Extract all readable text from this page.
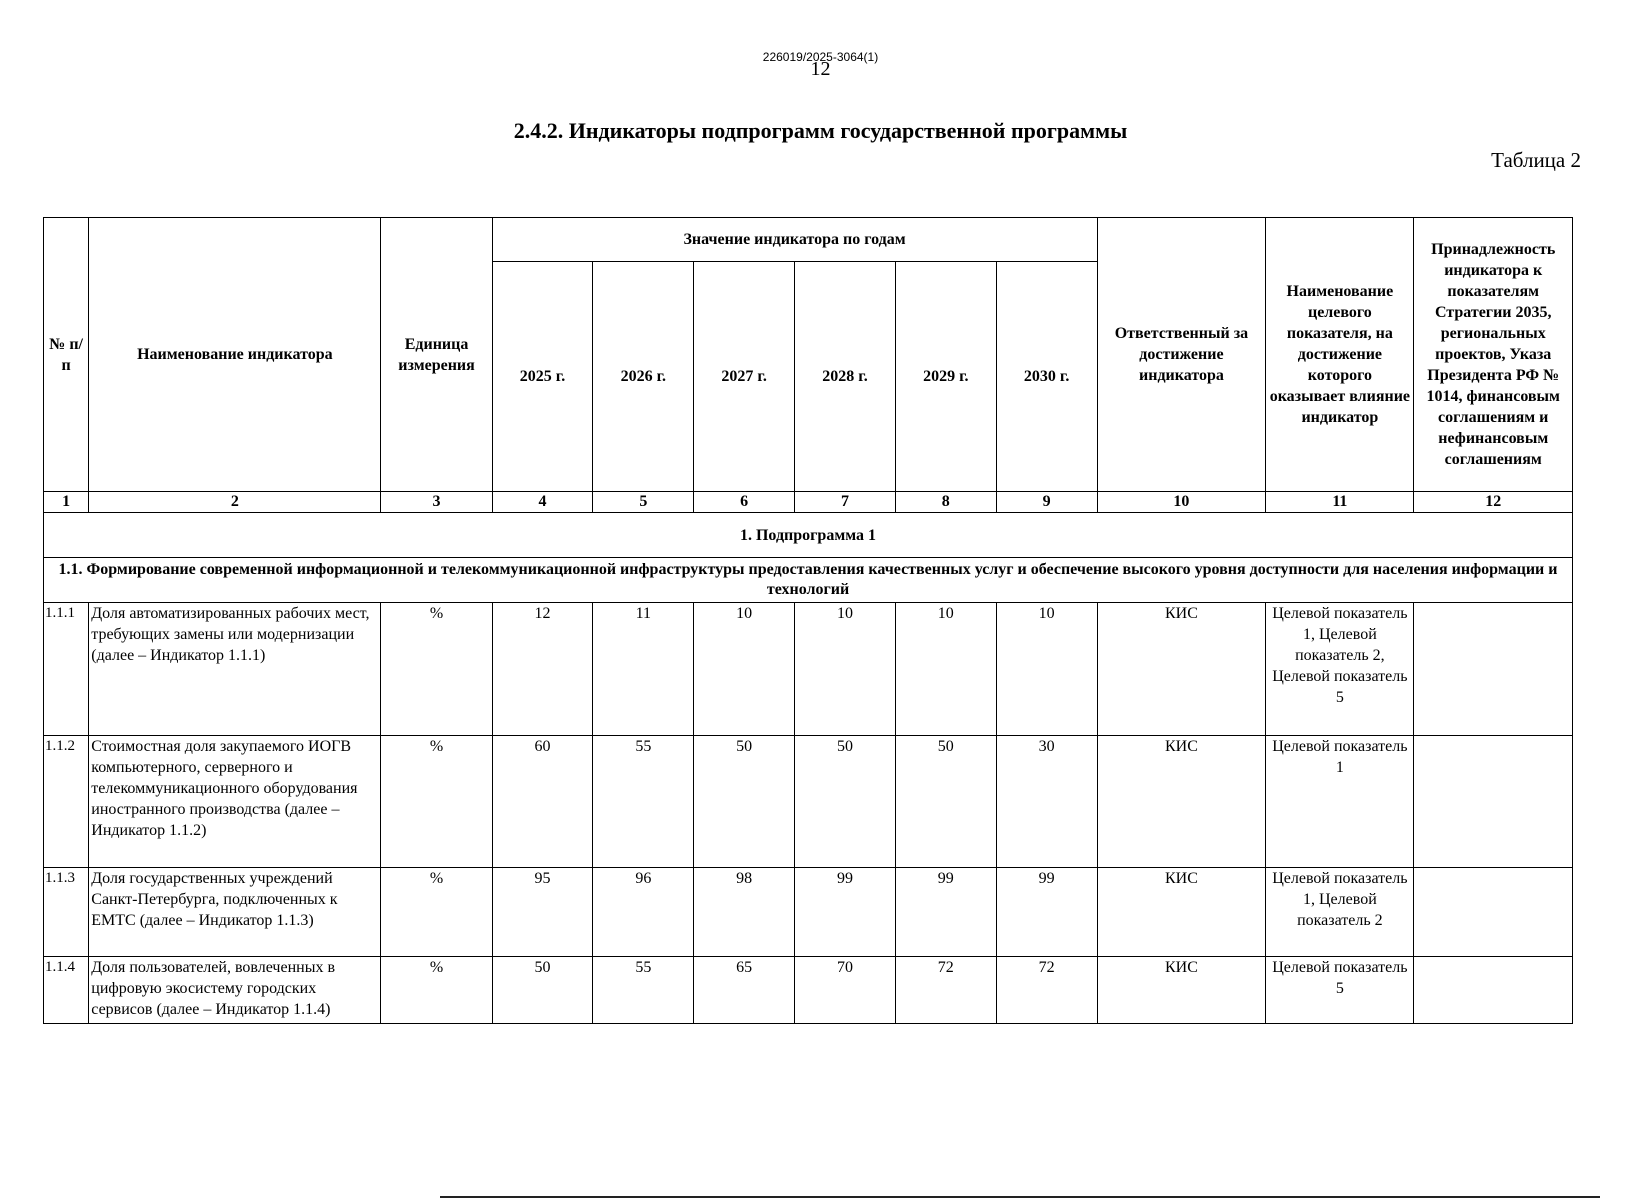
226019/2025-3064(1)
12
2.4.2. Индикаторы подпрограмм государственной программы
Таблица 2
№ п/п	Наименование индикатора	Единица измерения	Значение индикатора по годам						Ответственный за достижение индикатора	Наименование целевого показателя, на достижение которого оказывает влияние индикатор	Принадлежность индикатора к показателям Стратегии 2035, региональных проектов, Указа Президента РФ № 1014, финансовым соглашениям и нефинансовым соглашениям
			2025 г.	2026 г.	2027 г.	2028 г.	2029 г.	2030 г.			
1	2	3	4	5	6	7	8	9	10	11	12
1. Подпрограмма 1											
1.1. Формирование современной информационной и телекоммуникационной инфраструктуры предоставления качественных услуг и обеспечение высокого уровня доступности для населения информации и технологий											
1.1.1	Доля автоматизированных рабочих мест, требующих замены или модернизации (далее – Индикатор 1.1.1)	%	12	11	10	10	10	10	КИС	Целевой показатель 1, Целевой показатель 2, Целевой показатель 5	
1.1.2	Стоимостная доля закупаемого ИОГВ компьютерного, серверного и телекоммуникационного оборудования иностранного производства (далее – Индикатор 1.1.2)	%	60	55	50	50	50	30	КИС	Целевой показатель 1	
1.1.3	Доля государственных учреждений Санкт-Петербурга, подключенных к ЕМТС (далее – Индикатор 1.1.3)	%	95	96	98	99	99	99	КИС	Целевой показатель 1, Целевой показатель 2	
1.1.4	Доля пользователей, вовлеченных в цифровую экосистему городских сервисов (далее – Индикатор 1.1.4)	%	50	55	65	70	72	72	КИС	Целевой показатель 5	
